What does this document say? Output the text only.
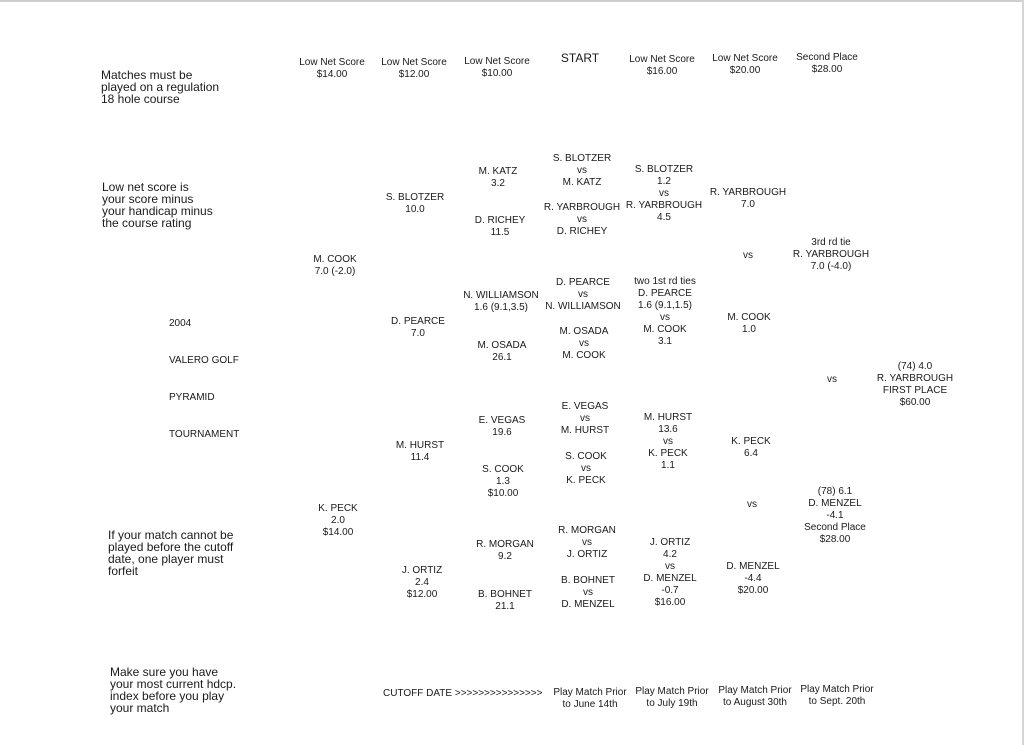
Matches must be
played on a regulation
18 hole course
Low net score is
your score minus
your handicap minus
the course rating
If your match cannot be
played before the cutoff
date, one player must
forfeit
Make sure you have
your most current hdcp.
index before you play
your match
2004
VALERO GOLF
PYRAMID
TOURNAMENT
Low Net Score
$14.00
Low Net Score
$12.00
Low Net Score
$10.00
START	Low Net Score
$16.00
Low Net Score
$20.00
Second Place
$28.00
M. COOK
7.0 (-2.0)
K. PECK
2.0
$14.00
S. BLOTZER
10.0
D. PEARCE
7.0
M. HURST
11.4
J. ORTIZ
2.4
$12.00
M. KATZ
3.2
D. RICHEY
11.5
N. WILLIAMSON
1.6 (9.1,3.5)
M. OSADA
26.1
E. VEGAS
19.6
S. COOK
1.3
$10.00
R. MORGAN
9.2
B. BOHNET
21.1
S. BLOTZER
vs
M. KATZ
R. YARBROUGH
vs
D. RICHEY
D. PEARCE
vs
N. WILLIAMSON
M. OSADA
vs
M. COOK
E. VEGAS
vs
M. HURST
S. COOK
vs
K. PECK
R. MORGAN
vs
J. ORTIZ
B. BOHNET
vs
D. MENZEL
S. BLOTZER
1.2
vs
R. YARBROUGH
4.5
two 1st rd ties
D. PEARCE
1.6 (9.1,1.5)
vs
M. COOK
3.1
M. HURST
13.6
vs
K. PECK
1.1
J. ORTIZ
4.2
vs
D. MENZEL
-0.7
$16.00
R. YARBROUGH
7.0
vs
M. COOK
1.0
K. PECK
6.4
vs
D. MENZEL
-4.4
$20.00
3rd rd tie
R. YARBROUGH
7.0 (-4.0)
vs
(78) 6.1
D. MENZEL
-4.1
Second Place
$28.00
(74) 4.0
R. YARBROUGH
FIRST PLACE
$60.00
CUTOFF DATE >>>>>>>>>>>>>>> Play Match Prior
to June 14th
Play Match Prior
to July 19th
Play Match Prior
to August 30th
Play Match Prior
to Sept. 20th
